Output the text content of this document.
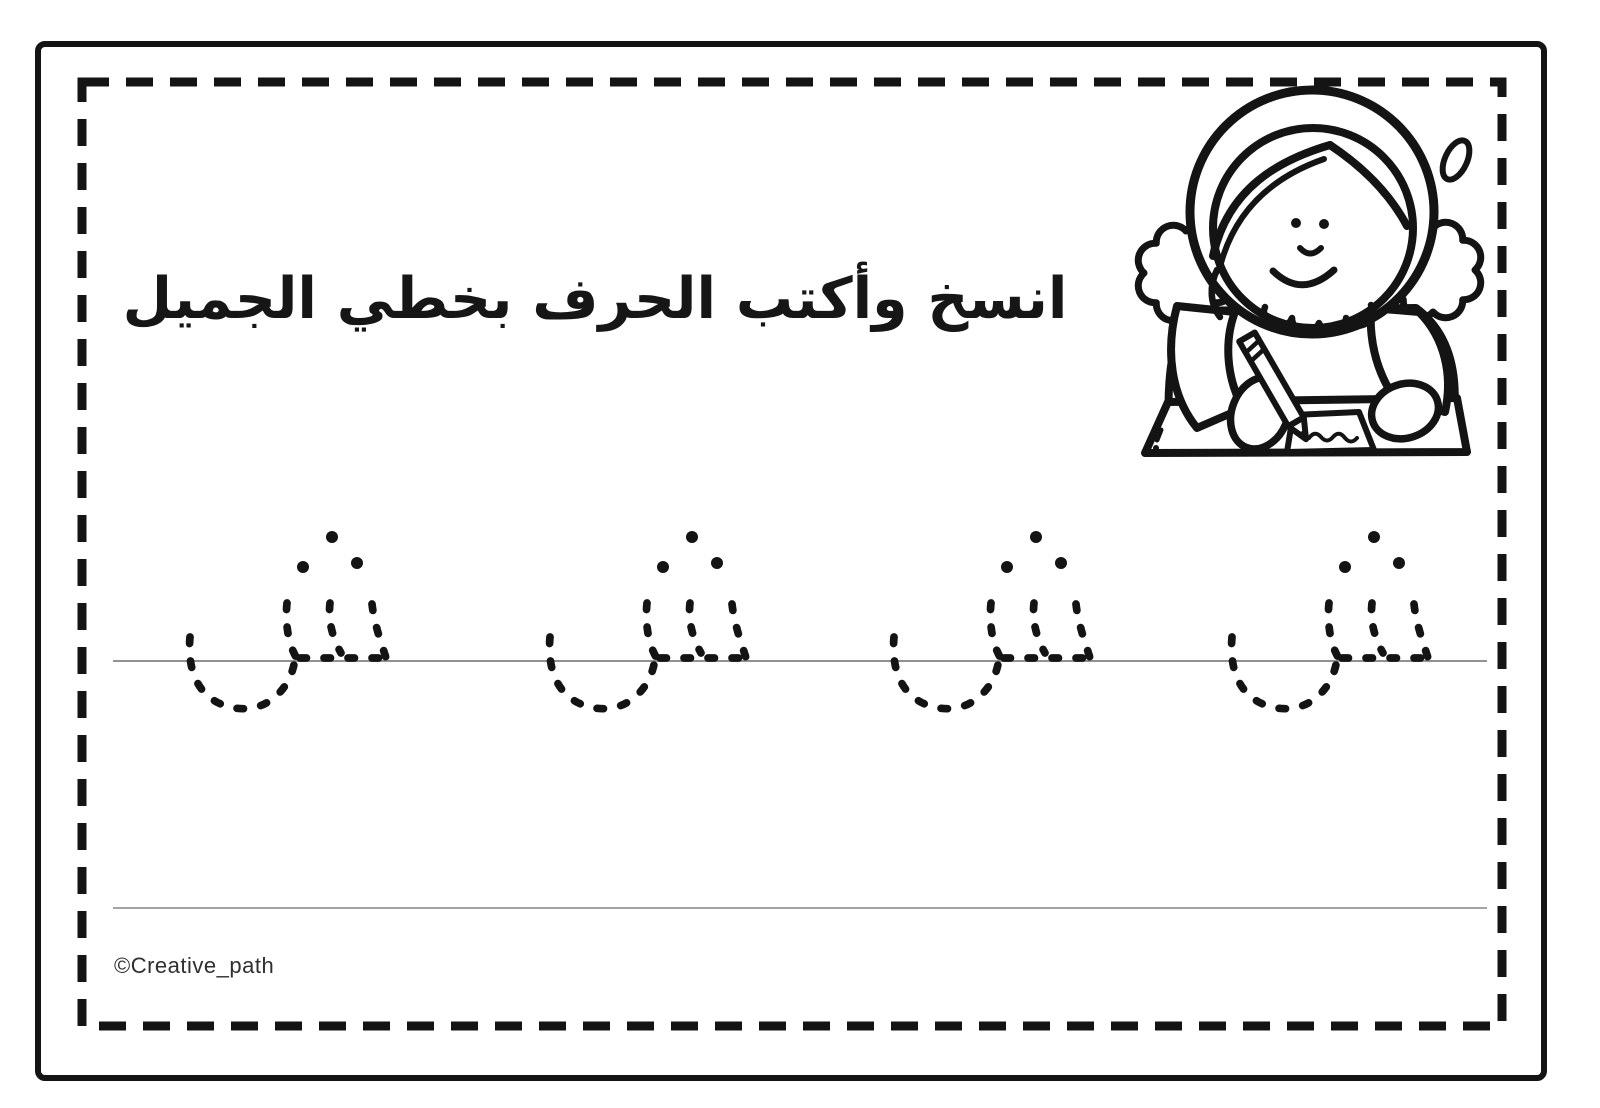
انسخ وأكتب الحرف بخطي الجميل
©Creative_path
